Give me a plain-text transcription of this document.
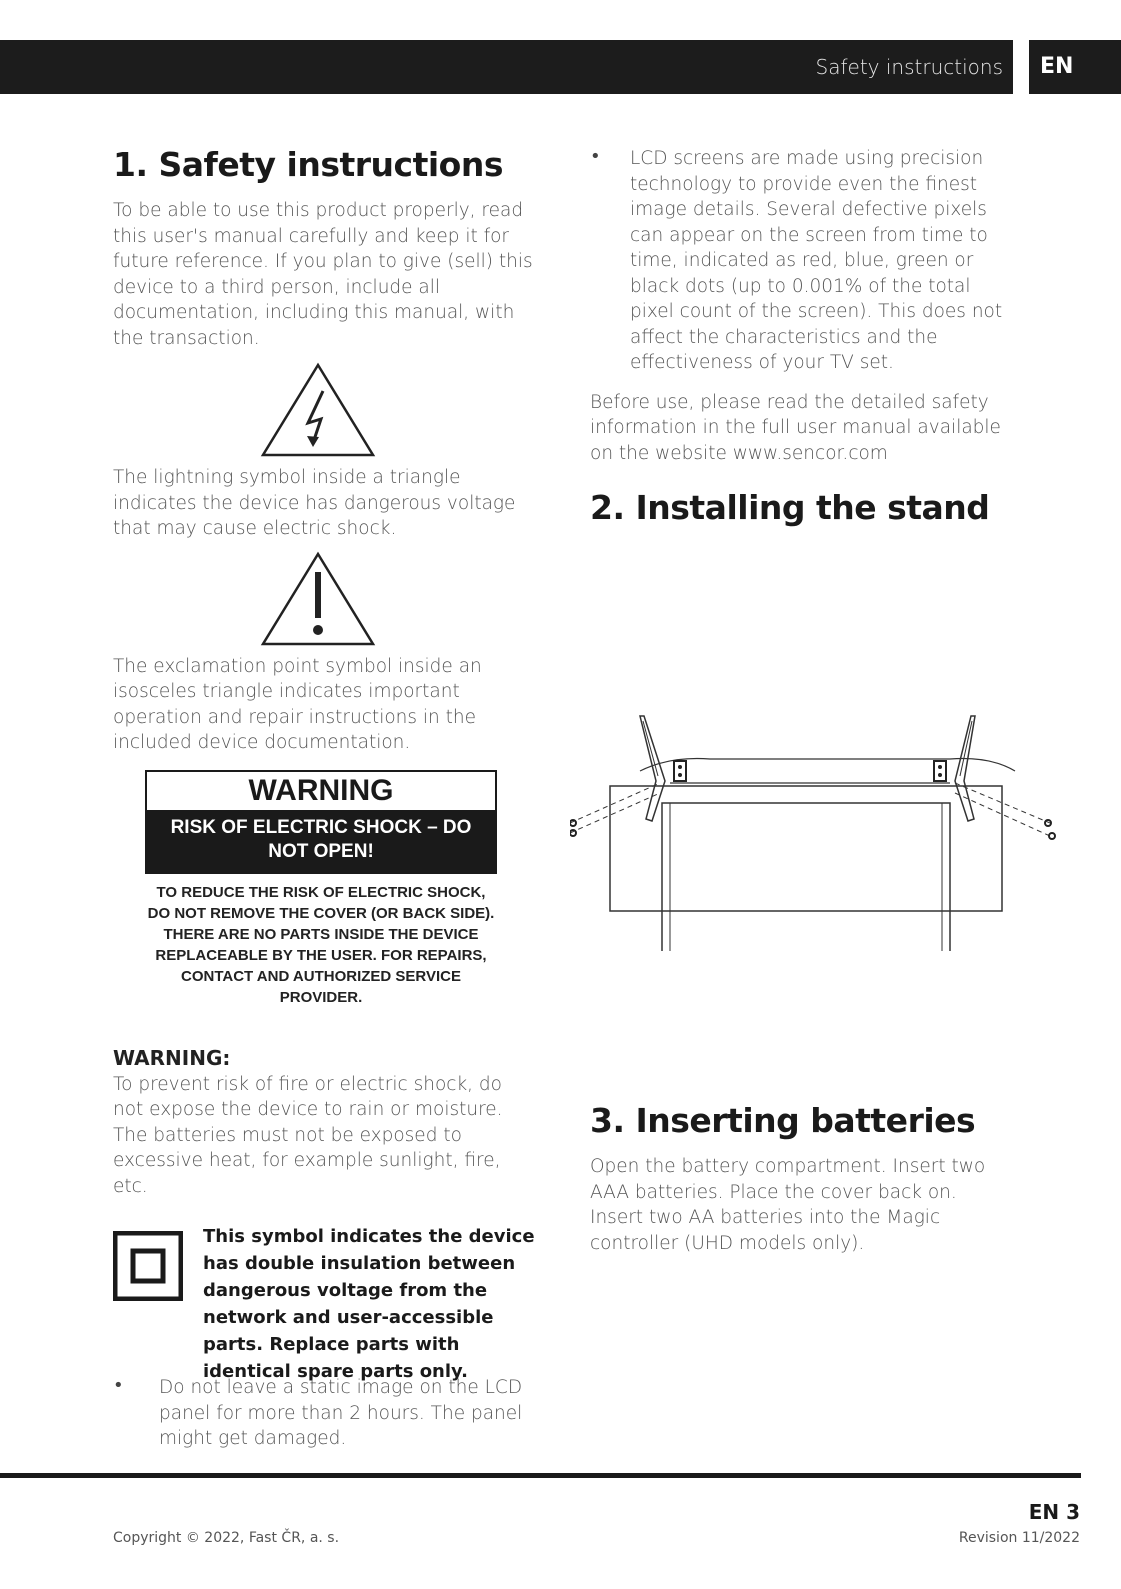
Safety instructions	EN
1. Safety instructions

To be able to use this product properly, read this user's manual carefully and keep it for future reference. If you plan to give (sell) this device to a third person, include all documentation, including this manual, with the transaction.

The lightning symbol inside a triangle indicates the device has dangerous voltage that may cause electric shock.

The exclamation point symbol inside an isosceles triangle indicates important operation and repair instructions in the included device documentation.

WARNING
RISK OF ELECTRIC SHOCK – DO NOT OPEN!
TO REDUCE THE RISK OF ELECTRIC SHOCK, DO NOT REMOVE THE COVER (OR BACK SIDE). THERE ARE NO PARTS INSIDE THE DEVICE REPLACEABLE BY THE USER. FOR REPAIRS, CONTACT AND AUTHORIZED SERVICE PROVIDER.

WARNING:

To prevent risk of fire or electric shock, do not expose the device to rain or moisture. The batteries must not be exposed to excessive heat, for example sunlight, fire, etc.

This symbol indicates the device has double insulation between dangerous voltage from the network and user-accessible parts. Replace parts with identical spare parts only.
• Do not leave a static image on the LCD panel for more than 2 hours. The panel might get damaged.

• LCD screens are made using precision technology to provide even the finest image details. Several defective pixels can appear on the screen from time to time, indicated as red, blue, green or black dots (up to 0.001% of the total pixel count of the screen). This does not affect the characteristics and the effectiveness of your TV set.

Before use, please read the detailed safety information in the full user manual available on the website www.sencor.com

2. Installing the stand
3. Inserting batteries

Open the battery compartment. Insert two AAA batteries. Place the cover back on.

Insert two AA batteries into the Magic controller (UHD models only).

EN 3
Copyright © 2022, Fast ČR, a. s.	Revision 11/2022
